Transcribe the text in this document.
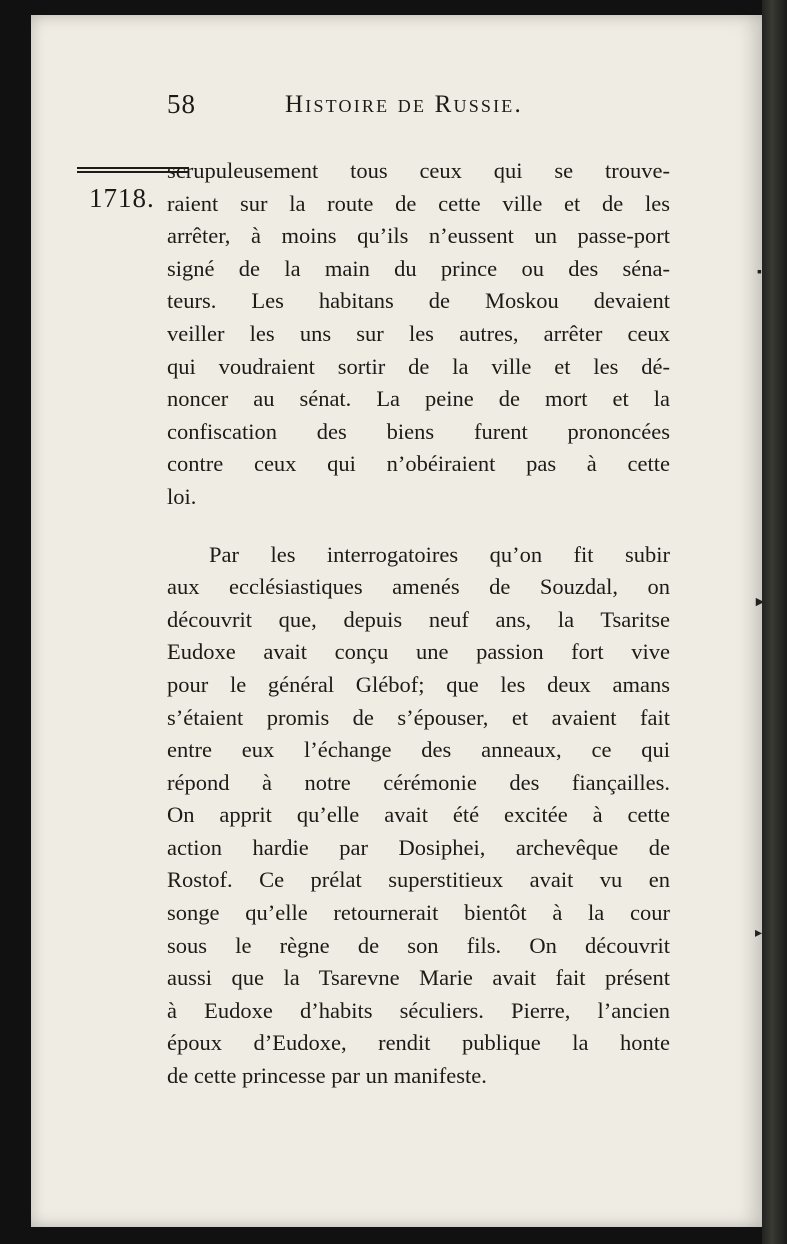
58	Histoire de Russie.
1718.
scrupuleusement tous ceux qui se trouve-
raient sur la route de cette ville et de les
arrêter, à moins qu’ils n’eussent un passe-port
signé de la main du prince ou des séna-
teurs. Les habitans de Moskou devaient
veiller les uns sur les autres, arrêter ceux
qui voudraient sortir de la ville et les dé-
noncer au sénat. La peine de mort et la
confiscation des biens furent prononcées
contre ceux qui n’obéiraient pas à cette
loi.
Par les interrogatoires qu’on fit subir
aux ecclésiastiques amenés de Souzdal, on
découvrit que, depuis neuf ans, la Tsaritse
Eudoxe avait conçu une passion fort vive
pour le général Glébof; que les deux amans
s’étaient promis de s’épouser, et avaient fait
entre eux l’échange des anneaux, ce qui
répond à notre cérémonie des fiançailles.
On apprit qu’elle avait été excitée à cette
action hardie par Dosiphei, archevêque de
Rostof. Ce prélat superstitieux avait vu en
songe qu’elle retournerait bientôt à la cour
sous le règne de son fils. On découvrit
aussi que la Tsarevne Marie avait fait présent
à Eudoxe d’habits séculiers. Pierre, l’ancien
époux d’Eudoxe, rendit publique la honte
de cette princesse par un manifeste.
▪
►
▸
